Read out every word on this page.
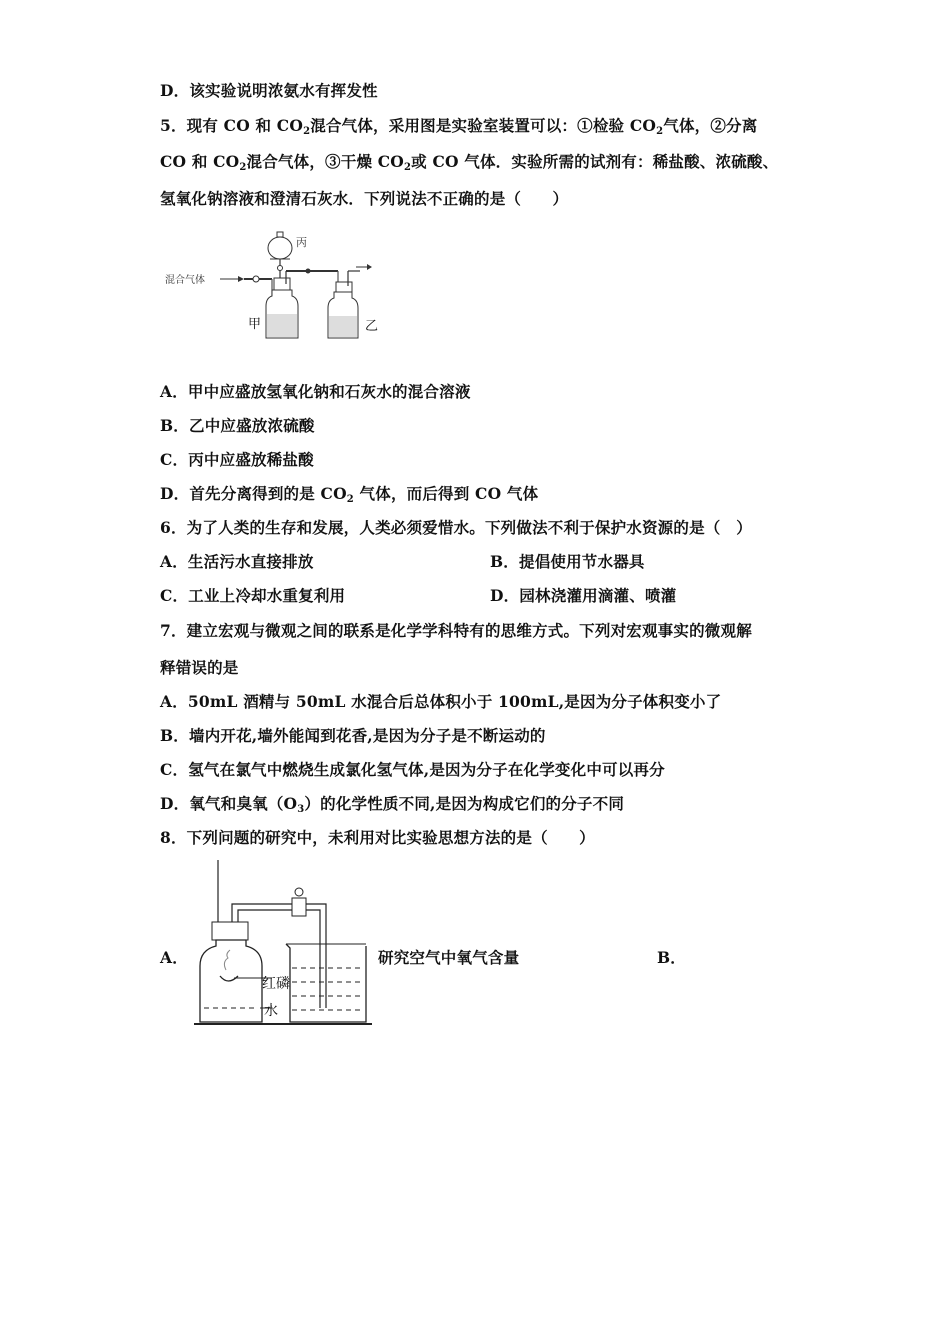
D．该实验说明浓氨水有挥发性
5．现有 CO 和 $CO_2$混合气体，采用图是实验室装置可以：①检验 $CO_2$气体，②分离
CO 和 $CO_2$混合气体，③干燥 $CO_2$或 CO 气体．实验所需的试剂有：稀盐酸、浓硫酸、
氢氧化钠溶液和澄清石灰水．下列说法不正确的是（　　）
混合气体
丙
甲	乙
A．甲中应盛放氢氧化钠和石灰水的混合溶液
B．乙中应盛放浓硫酸
C．丙中应盛放稀盐酸
D．首先分离得到的是 $CO_2$ 气体，而后得到 CO 气体
6．为了人类的生存和发展，人类必须爱惜水。下列做法不利于保护水资源的是（　）
A．生活污水直接排放	B．提倡使用节水器具
C．工业上冷却水重复利用	D．园林浇灌用滴灌、喷灌
7．建立宏观与微观之间的联系是化学学科特有的思维方式。下列对宏观事实的微观解
释错误的是
A．50mL 酒精与 50mL 水混合后总体积小于 100mL,是因为分子体积变小了
B．墙内开花,墙外能闻到花香,是因为分子是不断运动的
C．氢气在氯气中燃烧生成氯化氢气体,是因为分子在化学变化中可以再分
D．氧气和臭氧$(O_3)$的化学性质不同,是因为构成它们的分子不同
8．下列问题的研究中，未利用对比实验思想方法的是（　　）
A．	研究空气中氧气含量	B．
红磷
水
